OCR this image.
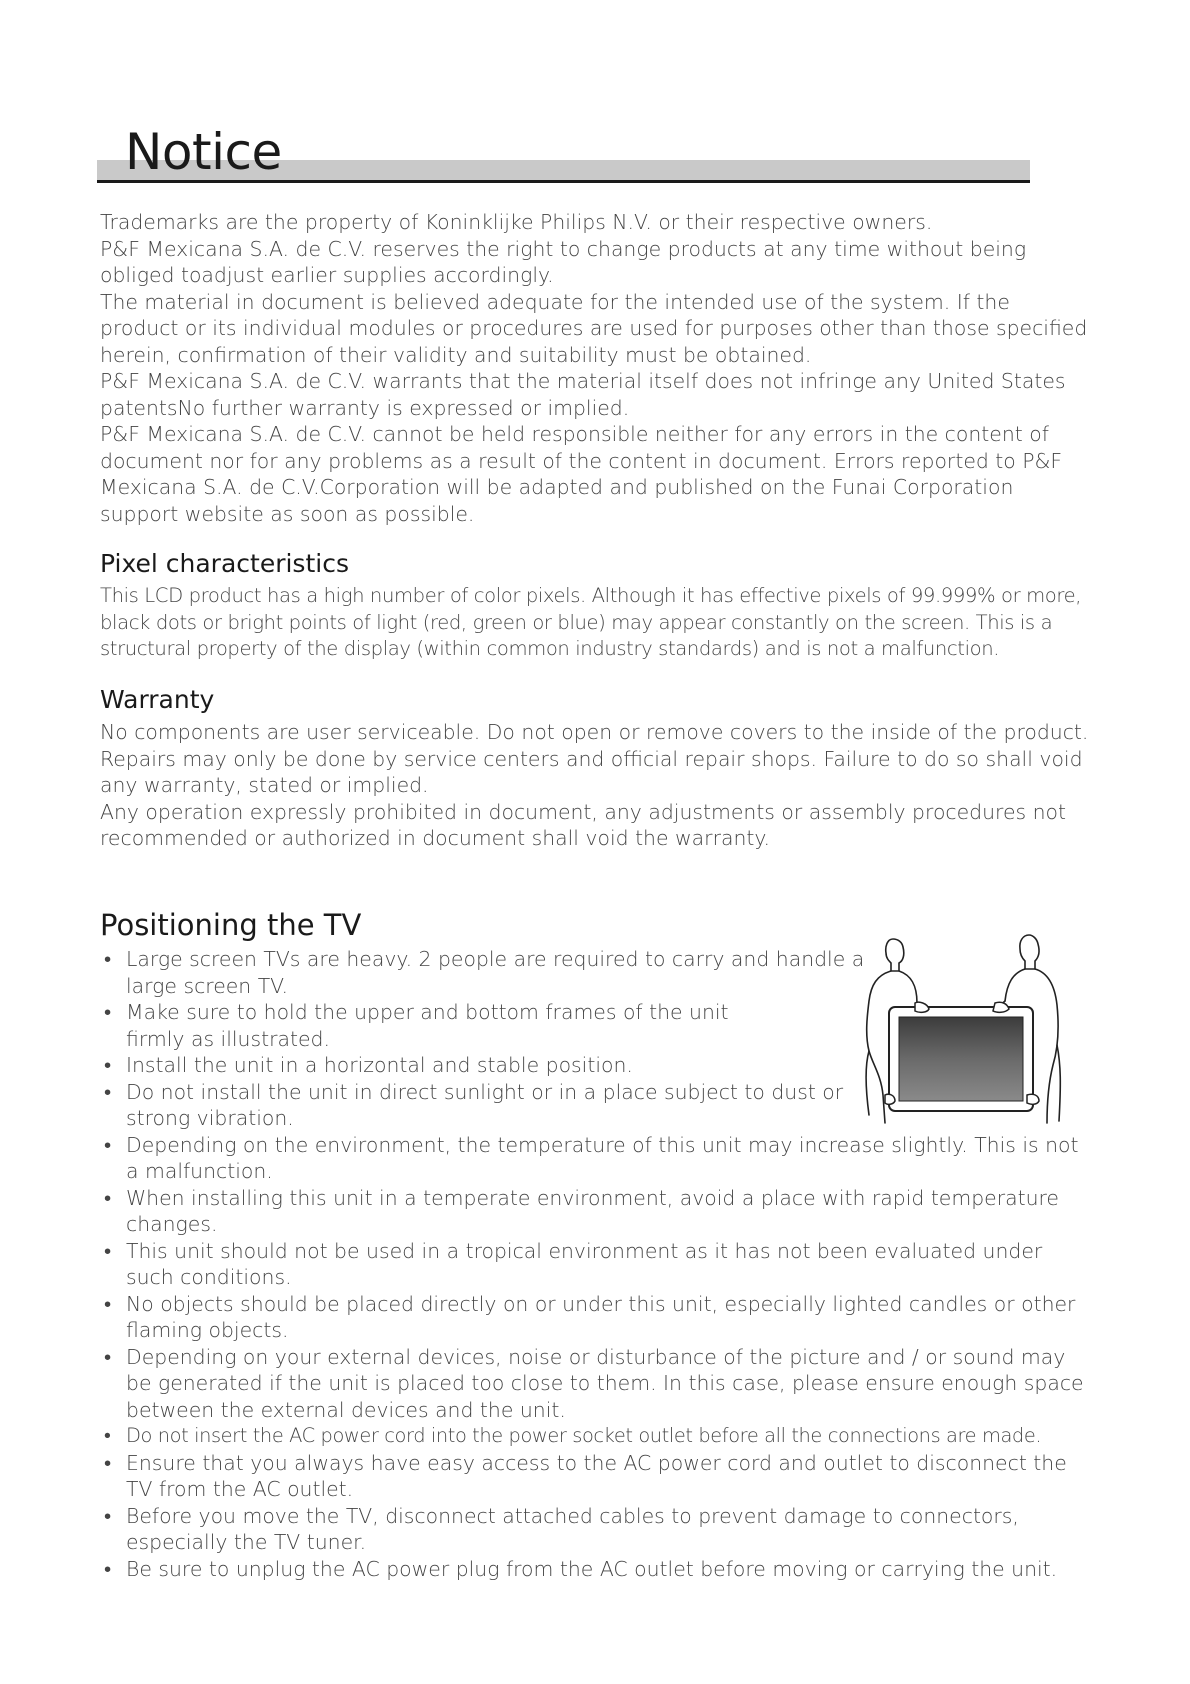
Notice

Trademarks are the property of Koninklijke Philips N.V. or their respective owners.

P&F Mexicana S.A. de C.V. reserves the right to change products at any time without being obliged toadjust earlier supplies accordingly.

The material in document is believed adequate for the intended use of the system. If the product or its individual modules or procedures are used for purposes other than those specified herein, confirmation of their validity and suitability must be obtained.

P&F Mexicana S.A. de C.V. warrants that the material itself does not infringe any United States patentsNo further warranty is expressed or implied.

P&F Mexicana S.A. de C.V. cannot be held responsible neither for any errors in the content of document nor for any problems as a result of the content in document. Errors reported to P&F Mexicana S.A. de C.V.Corporation will be adapted and published on the Funai Corporation support website as soon as possible.

Pixel characteristics

This LCD product has a high number of color pixels. Although it has effective pixels of 99.999% or more, black dots or bright points of light (red, green or blue) may appear constantly on the screen. This is a structural property of the display (within common industry standards) and is not a malfunction.

Warranty

No components are user serviceable. Do not open or remove covers to the inside of the product. Repairs may only be done by service centers and official repair shops. Failure to do so shall void any warranty, stated or implied.

Any operation expressly prohibited in document, any adjustments or assembly procedures not recommended or authorized in document shall void the warranty.

Positioning the TV
• Large screen TVs are heavy. 2 people are required to carry and handle a large screen TV.
• Make sure to hold the upper and bottom frames of the unit firmly as illustrated.
• Install the unit in a horizontal and stable position.
• Do not install the unit in direct sunlight or in a place subject to dust or strong vibration.
• Depending on the environment, the temperature of this unit may increase slightly. This is not a malfunction.
• When installing this unit in a temperate environment, avoid a place with rapid temperature changes.
• This unit should not be used in a tropical environment as it has not been evaluated under such conditions.
• No objects should be placed directly on or under this unit, especially lighted candles or other flaming objects.
• Depending on your external devices, noise or disturbance of the picture and / or sound may be generated if the unit is placed too close to them. In this case, please ensure enough space between the external devices and the unit.
• Do not insert the AC power cord into the power socket outlet before all the connections are made.
• Ensure that you always have easy access to the AC power cord and outlet to disconnect the TV from the AC outlet.
• Before you move the TV, disconnect attached cables to prevent damage to connectors, especially the TV tuner.
• Be sure to unplug the AC power plug from the AC outlet before moving or carrying the unit.
